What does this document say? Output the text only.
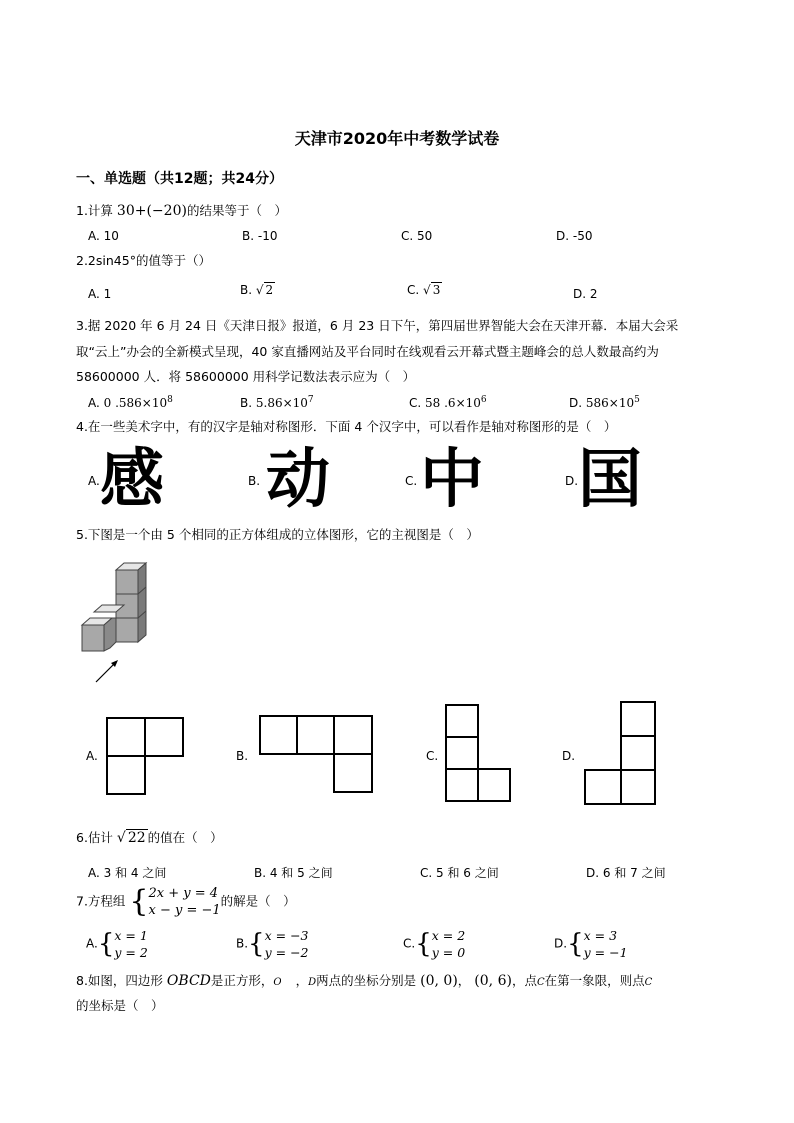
天津市2020年中考数学试卷
一、单选题（共12题；共24分）
1.计算 30+(−20)的结果等于（　）
A. 10	B. -10	C. 50	D. -50
2.2sin45°的值等于（）
A. 1	B. √ 2	C. √ 3	D. 2
3.据 2020 年 6 月 24 日《天津日报》报道，6 月 23 日下午，第四届世界智能大会在天津开幕．本届大会采
取“云上”办会的全新模式呈现，40 家直播网站及平台同时在线观看云开幕式暨主题峰会的总人数最高约为
58600000 人．将 58600000 用科学记数法表示应为（　）
A. 0 $.586\times 10^8$	B. $5.86\times 10^7$	C. 58 $.6\times 10^6$	D. $586\times 10^5$
4.在一些美术字中，有的汉字是轴对称图形．下面 4 个汉字中，可以看作是轴对称图形的是（　）
A. 感	B. 动	C. 中	D. 国
5.下图是一个由 5 个相同的正方体组成的立体图形，它的主视图是（　）
A.	B.	C.	D.
6.估计 √ 22 的值在（　）
A. 3 和 4 之间	B. 4 和 5 之间	C. 5 和 6 之间	D. 6 和 7 之间
7.方程组 { 2x + y = 4
x − y = −1
的解是（　）
A.{ x = 1
y = 2
B.{ x = −3
y = −2
C.{ x = 2
y = 0
D.{ x = 3
y = −1
8.如图，四边形 OBCD是正方形，O ，D两点的坐标分别是 (0, 0)， (0, 6)，点C在第一象限，则点C
的坐标是（　）
